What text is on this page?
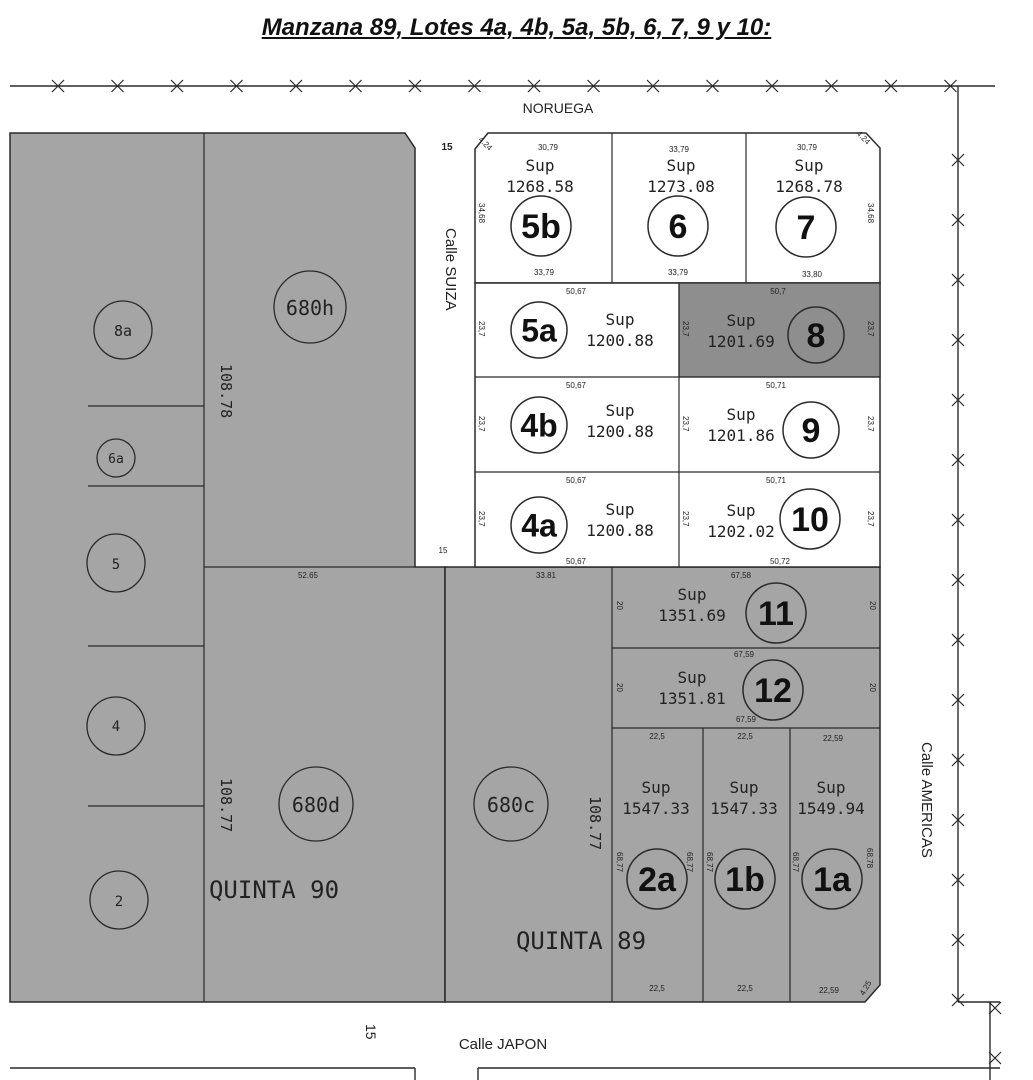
Manzana 89, Lotes 4a, 4b, 5a, 5b, 6, 7, 9 y 10:
NORUEGA
Calle SUIZA
Calle AMERICAS
Calle JAPON
15
15
15
4.24	4.24
4.25
QUINTA 90
QUINTA 89
680h
680d	680c
8a
6a
5
4
2
108.78
108.77	108.77
52.65	33.81
30,79	33,79	30,79
33,79	33,79	33,80
34,68	34,68
50,67	50,7
50,67	50,71
50,67	50,71
50,67	50,72
23,7	23,7	23,7
23,7	23,7	23,7
23,7	23,7	23,7
67,58
67,59
67,59
20	20
20	20
22,5	22,5	22,59
22,5	22,5	22,59
68,77	68,77 68,77	68,77	68,78
5b
Sup
1268.58
6
Sup
1273.08
7
Sup
1268.78
5a	Sup
1200.88	8
Sup
1201.69
4b	Sup
1200.88	9
Sup
1201.86
4a	Sup
1200.88	10
Sup
1202.02
11
Sup
1351.69
12
Sup
1351.81
2a
Sup
1547.33
1b
Sup
1547.33
1a
Sup
1549.94
